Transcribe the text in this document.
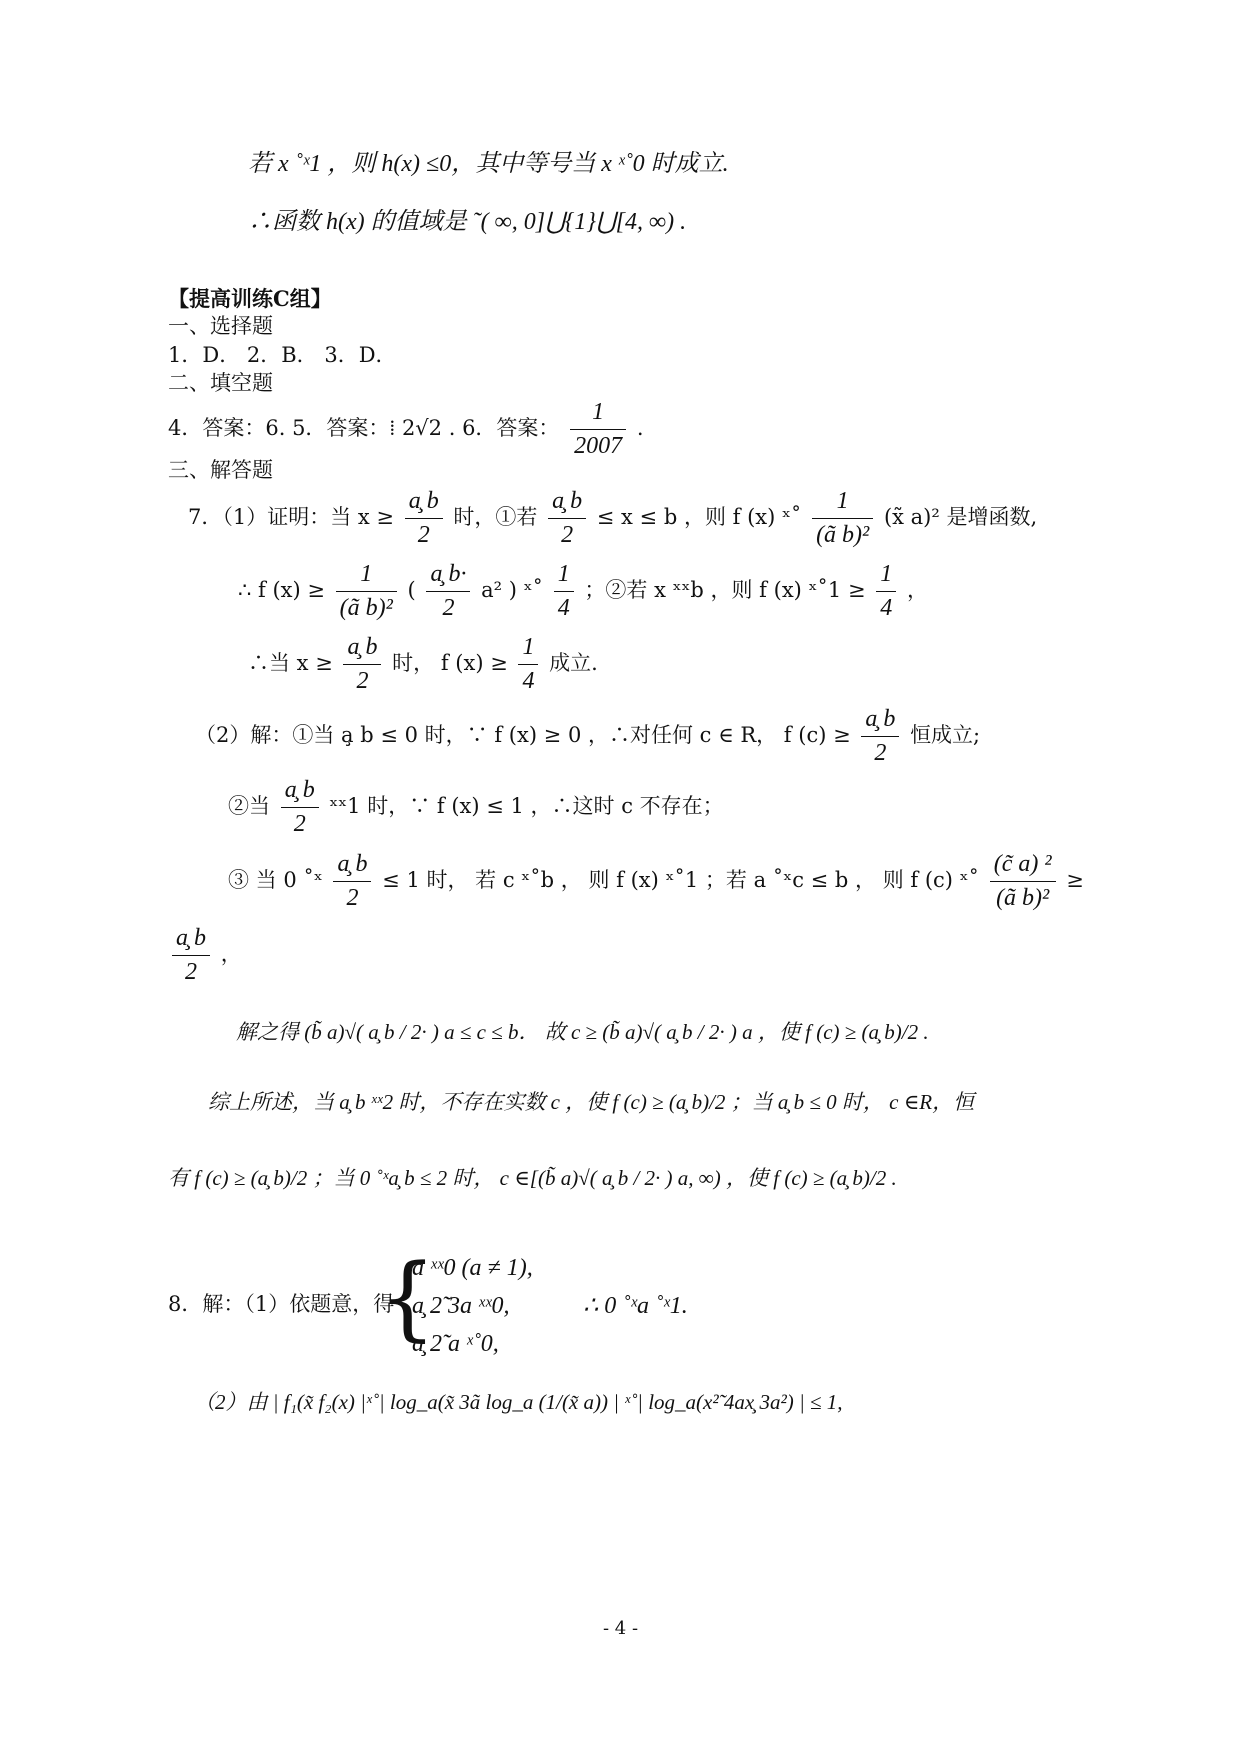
若 x ˚ˣ1 ，则 h(x) ≤0，其中等号当 x ˣ˚0 时成立.
∴函数 h(x) 的值域是 ˜( ∞, 0]⋃{1}⋃[4, ∞) .
【提高训练C组】
一、选择题
1．D． 2．B． 3．D．
二、填空题
4．答案：6. 5．答案：⁞ 2√2 . 6．答案： $\frac{1}{2007}$ .
三、解答题
7．（1）证明：当 $x \ge \frac{a̧ b}{2}$ 时，①若 $\frac{a̧ b}{2} \le x \le b$ ，则 f (x) ˣ˚ $\frac{1}{\text{(ã b)²}}$ (x̃ a)² 是增函数,
∴ f $(x) \ge \frac{1}{\text{(ã b)²}}$ ( $\frac{a̧ b\cdot}{2} a^2$ ) ˣ˚ $\frac{1}{4}$ ；②若 x ˣˣb ，则 f (x) ˣ˚1 ≥ $\frac{1}{4}$ ，
∴当 $x \ge \frac{a̧ b}{2}$ 时， f $(x) \ge \frac{1}{4}$ 成立.
（2）解：①当 a̧ b ≤ 0 时，∵ f (x) ≥ 0 ，∴对任何 c ∈ R， f $(c) \ge \frac{a̧ b}{2}$ 恒成立;
②当 $\frac{a̧ b}{2}$ ˣˣ1 时，∵ f (x) ≤ 1 ，∴这时 c 不存在；
③ 当 0 ˚ˣ $\frac{a̧ b}{2} \le 1$ 时， 若 c ˣ˚b ， 则 f (x) ˣ˚1 ；若 a ˚ˣc ≤ b ， 则 f (c) ˣ˚ $\frac{\text{(c̃ a) ²}}{\text{(ã b)²}}$ ≥
$\frac{a̧ b}{2}$ ，
解之得 (b̃ a)√( a̧ b / 2· ) a ≤ c ≤ b． 故 c ≥ (b̃ a)√( a̧ b / 2· ) a ，使 f (c) ≥ (a̧ b)/2 .
综上所述，当 a̧ b ˣˣ2 时，不存在实数 c ，使 f (c) ≥ (a̧ b)/2 ；当 a̧ b ≤ 0 时， c ∈R，恒
有 f (c) ≥ (a̧ b)/2 ；当 0 ˚ˣa̧ b ≤ 2 时， c ∈[(b̃ a)√( a̧ b / 2· ) a, ∞) ，使 f (c) ≥ (a̧ b)/2 .
8．解：（1）依题意，得
{
a ˣˣ0 (a ≠ 1),
a̧ 2̃ 3a ˣˣ0,
a̧ 2̃ a ˣ˚0,
∴ 0 ˚ˣa ˚ˣ1.
（2）由 | f₁(x̃ f₂(x) |ˣ˚| log_a(x̃ 3ã log_a (1/(x̃ a)) | ˣ˚| log_a(x²̃ 4ax̧ 3a²) | ≤ 1,
- 4 -
